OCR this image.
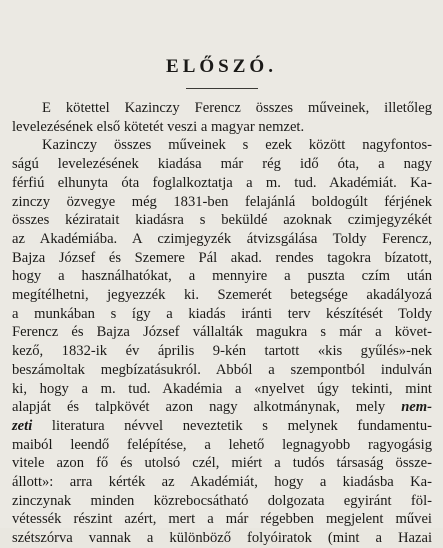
ELŐSZÓ.
E kötettel Kazinczy Ferencz összes műveinek, illetőleg
levelezésének első kötetét veszi a magyar nemzet.
Kazinczy összes műveinek s ezek között nagyfontos-
ságú levelezésének kiadása már rég idő óta, a nagy
férfiú elhunyta óta foglalkoztatja a m. tud. Akadémiát. Ka-
zinczy özvegye még 1831-ben felajánlá boldogúlt férjének
összes kéziratait kiadásra s beküldé azoknak czimjegyzékét
az Akadémiába. A czimjegyzék átvizsgálása Toldy Ferencz,
Bajza József és Szemere Pál akad. rendes tagokra bízatott,
hogy a használhatókat, a mennyire a puszta czím után
megítélhetni, jegyezzék ki. Szemerét betegsége akadályozá
a munkában s így a kiadás iránti terv készítését Toldy
Ferencz és Bajza József vállalták magukra s már a követ-
kező, 1832-ik év április 9-kén tartott «kis gyűlés»-nek
beszámoltak megbízatásukról. Abból a szempontból indulván
ki, hogy a m. tud. Akadémia a «nyelvet úgy tekinti, mint
alapját és talpkövét azon nagy alkotmánynak, mely nem-
zeti literatura névvel neveztetik s melynek fundamentu-
maiból leendő felépítése, a lehető legnagyobb ragyogásig
vitele azon fő és utolsó czél, miért a tudós társaság össze-
állott»: arra kérték az Akadémiát, hogy a kiadásba Ka-
zinczynak minden közrebocsátható dolgozata egyiránt föl-
vétessék részint azért, mert a már régebben megjelent művei
szétszórva vannak a különböző folyóiratok (mint a Hazai
